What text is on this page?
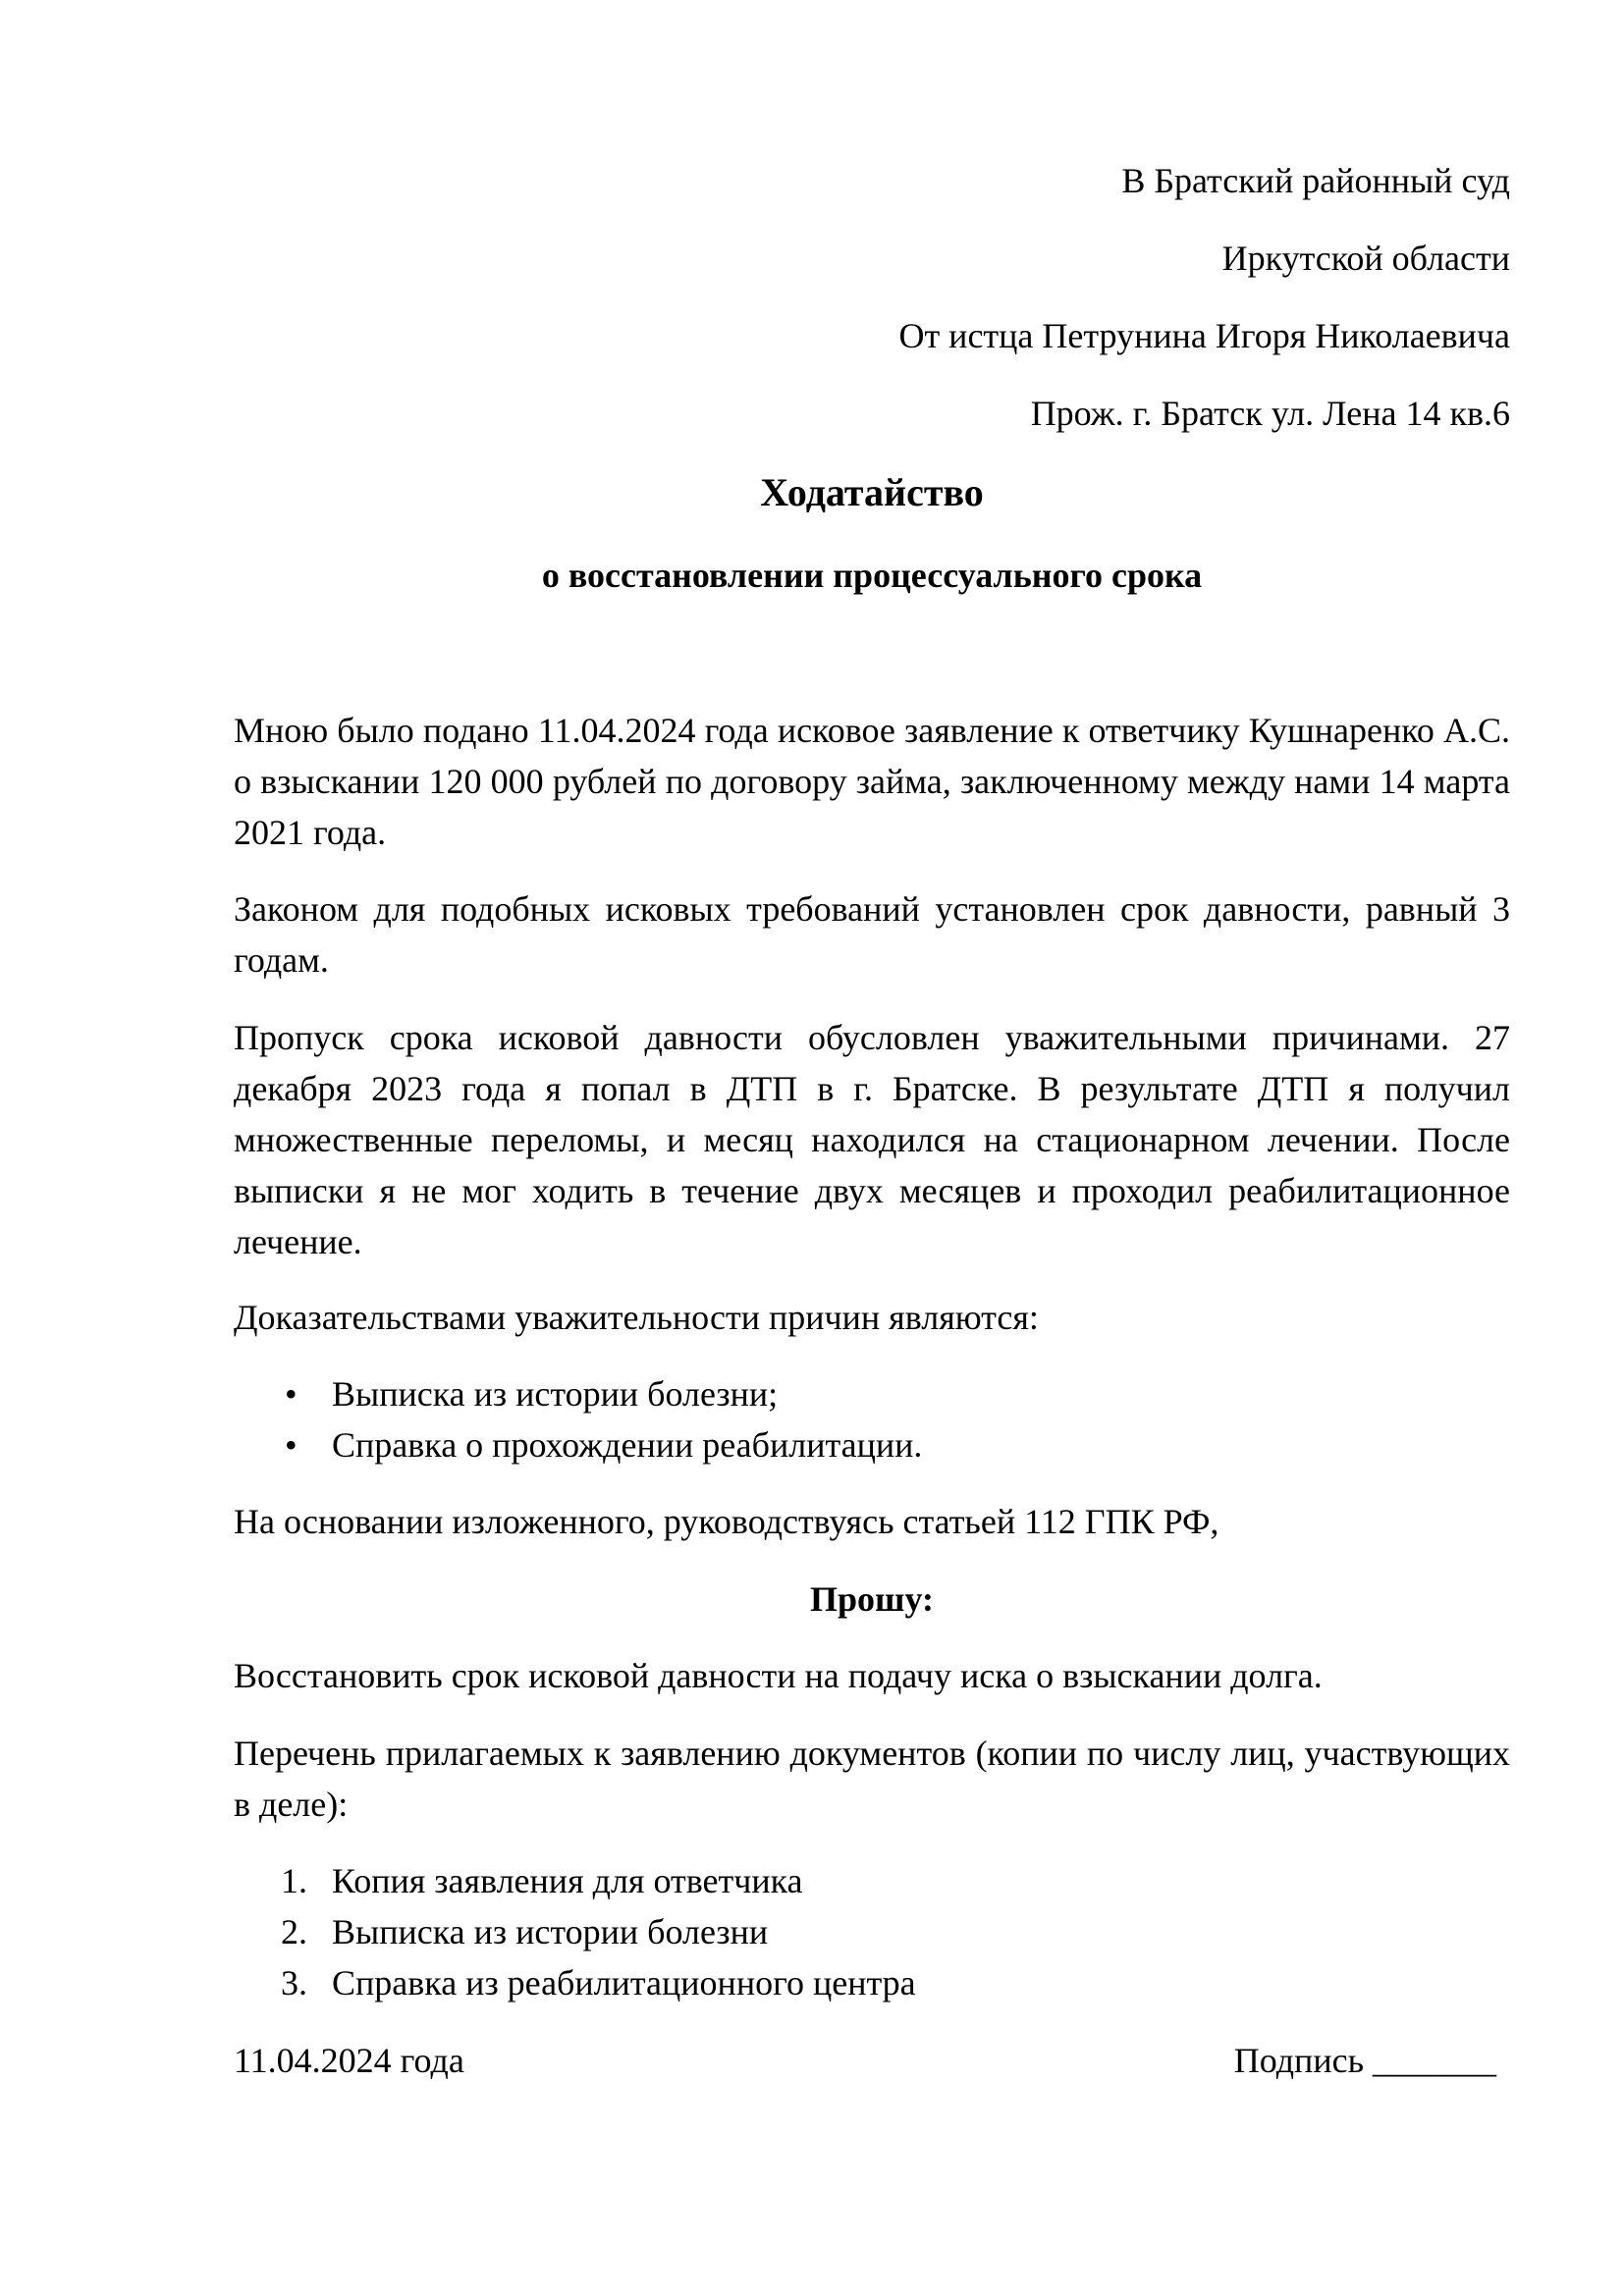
В Братский районный суд

Иркутской области

От истца Петрунина Игоря Николаевича

Прож. г. Братск ул. Лена 14 кв.6

Ходатайство

о восстановлении процессуального срока

Мною было подано 11.04.2024 года исковое заявление к ответчику Кушнаренко А.С. о взыскании 120 000 рублей по договору займа, заключенному между нами 14 марта 2021 года.

Законом для подобных исковых требований установлен срок давности, равный 3 годам.

Пропуск срока исковой давности обусловлен уважительными причинами. 27 декабря 2023 года я попал в ДТП в г. Братске. В результате ДТП я получил множественные переломы, и месяц находился на стационарном лечении. После выписки я не мог ходить в течение двух месяцев и проходил реабилитационное лечение.

Доказательствами уважительности причин являются:

• Выписка из истории болезни;
• Справка о прохождении реабилитации.

На основании изложенного, руководствуясь статьей 112 ГПК РФ,

Прошу:

Восстановить срок исковой давности на подачу иска о взыскании долга.

Перечень прилагаемых к заявлению документов (копии по числу лиц, участвующих в деле):

1. Копия заявления для ответчика
2. Выписка из истории болезни
3. Справка из реабилитационного центра
11.04.2024 года	Подпись _______
